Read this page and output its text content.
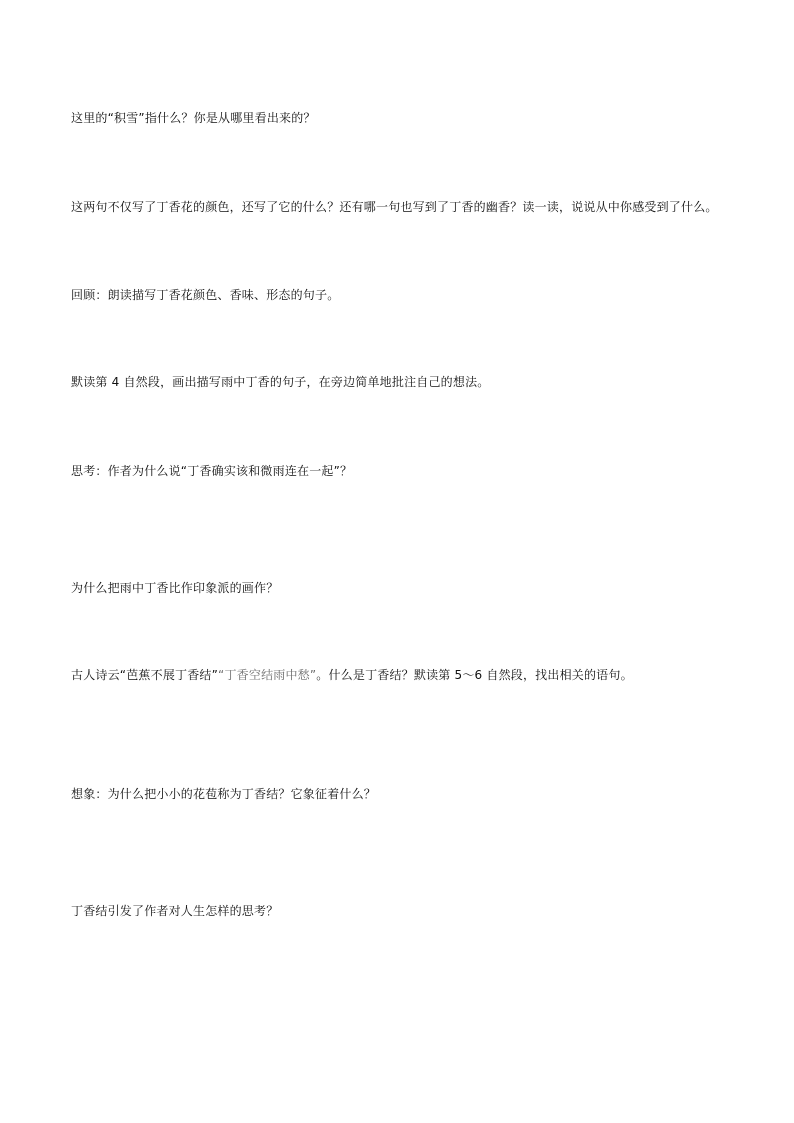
这里的“积雪”指什么？你是从哪里看出来的？
这两句不仅写了丁香花的颜色，还写了它的什么？还有哪一句也写到了丁香的幽香？读一读，说说从中你感受到了什么。
回顾：朗读描写丁香花颜色、香味、形态的句子。
默读第 4 自然段，画出描写雨中丁香的句子，在旁边简单地批注自己的想法。
思考：作者为什么说“丁香确实该和微雨连在一起”？
为什么把雨中丁香比作印象派的画作？
古人诗云“芭蕉不展丁香结”“丁香空结雨中愁”。什么是丁香结？默读第 5～6 自然段，找出相关的语句。
想象：为什么把小小的花苞称为丁香结？它象征着什么？
丁香结引发了作者对人生怎样的思考？
